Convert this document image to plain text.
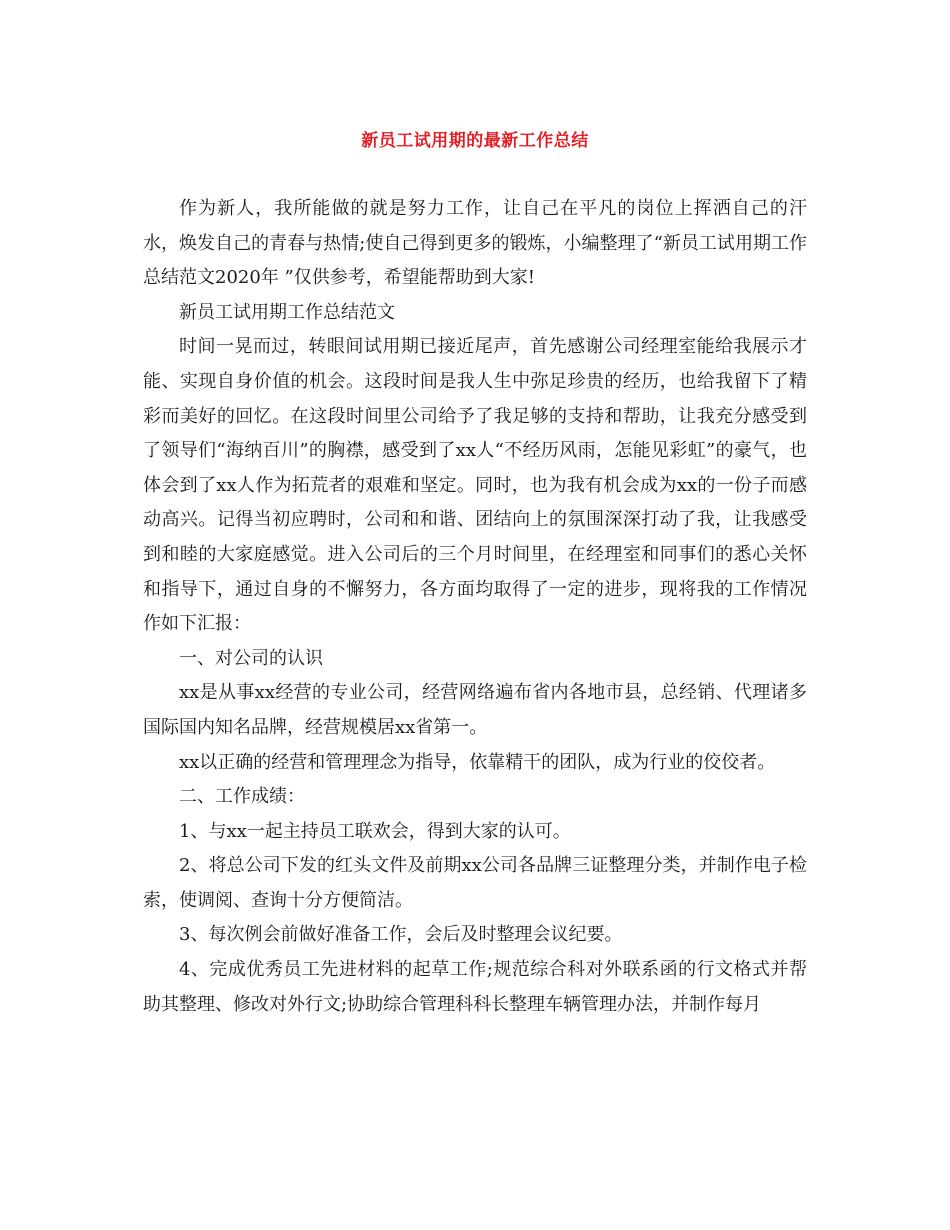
新员工试用期的最新工作总结

作为新人，我所能做的就是努力工作，让自己在平凡的岗位上挥洒自己的汗水，焕发自己的青春与热情;使自己得到更多的锻炼，小编整理了“新员工试用期工作总结范文2020年 ”仅供参考，希望能帮助到大家!

新员工试用期工作总结范文

时间一晃而过，转眼间试用期已接近尾声，首先感谢公司经理室能给我展示才能、实现自身价值的机会。这段时间是我人生中弥足珍贵的经历，也给我留下了精彩而美好的回忆。在这段时间里公司给予了我足够的支持和帮助，让我充分感受到了领导们“海纳百川”的胸襟，感受到了xx人“不经历风雨，怎能见彩虹”的豪气，也体会到了xx人作为拓荒者的艰难和坚定。同时，也为我有机会成为xx的一份子而感动高兴。记得当初应聘时，公司和和谐、团结向上的氛围深深打动了我，让我感受到和睦的大家庭感觉。进入公司后的三个月时间里，在经理室和同事们的悉心关怀和指导下，通过自身的不懈努力，各方面均取得了一定的进步，现将我的工作情况作如下汇报：

一、对公司的认识

xx是从事xx经营的专业公司，经营网络遍布省内各地市县，总经销、代理诸多国际国内知名品牌，经营规模居xx省第一。

xx以正确的经营和管理理念为指导，依靠精干的团队，成为行业的佼佼者。

二、工作成绩：

1、与xx一起主持员工联欢会，得到大家的认可。

2、将总公司下发的红头文件及前期xx公司各品牌三证整理分类，并制作电子检索，使调阅、查询十分方便简洁。

3、每次例会前做好准备工作，会后及时整理会议纪要。

4、完成优秀员工先进材料的起草工作;规范综合科对外联系函的行文格式并帮助其整理、修改对外行文;协助综合管理科科长整理车辆管理办法，并制作每月
